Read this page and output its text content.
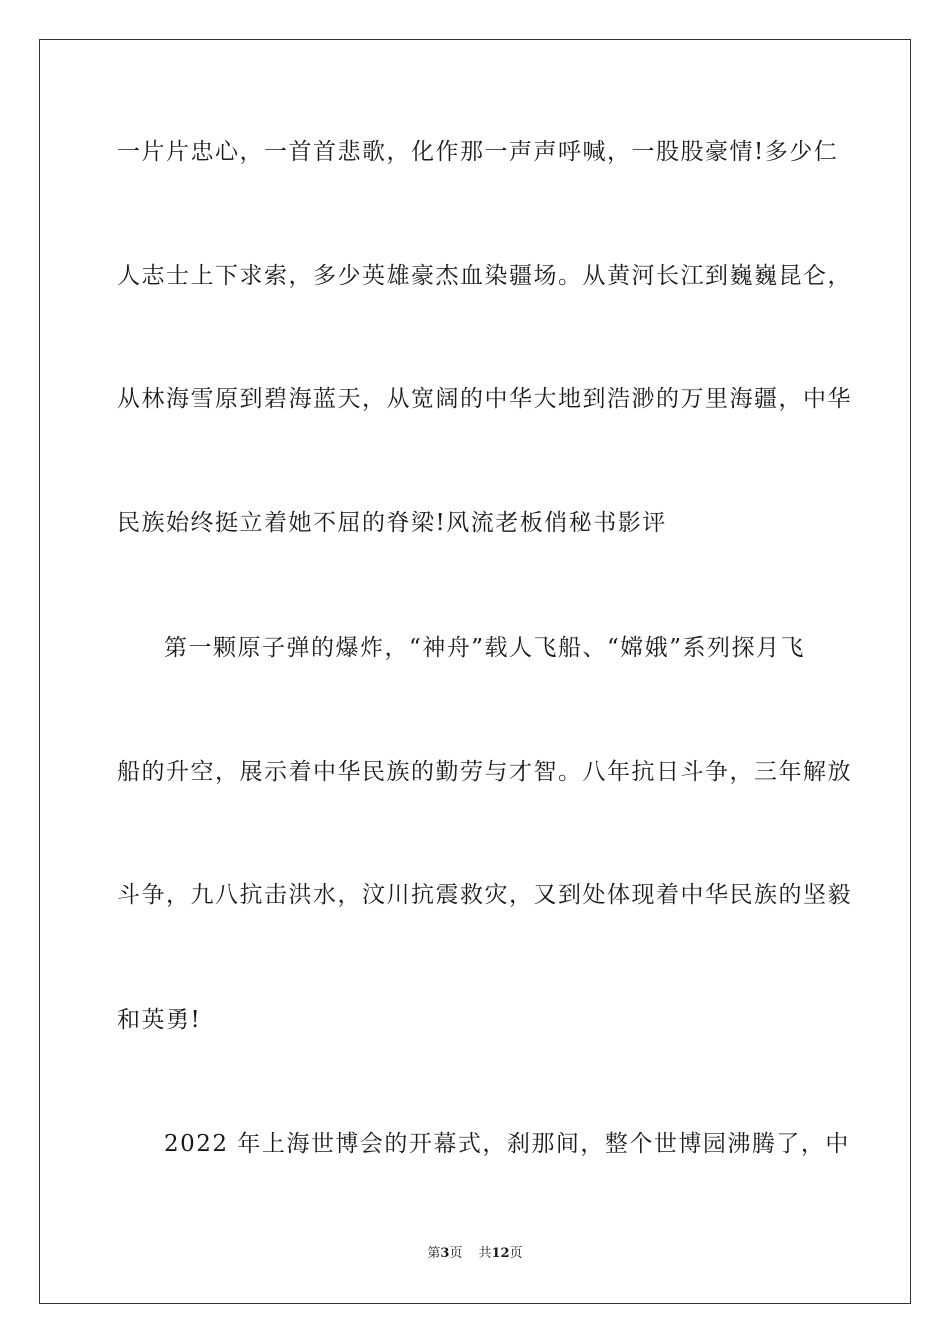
一片片忠心，一首首悲歌，化作那一声声呼喊，一股股豪情!多少仁
人志士上下求索，多少英雄豪杰血染疆场。从黄河长江到巍巍昆仑，
从林海雪原到碧海蓝天，从宽阔的中华大地到浩渺的万里海疆，中华
民族始终挺立着她不屈的脊梁!风流老板俏秘书影评
第一颗原子弹的爆炸，“神舟”载人飞船、“嫦娥”系列探月飞
船的升空，展示着中华民族的勤劳与才智。八年抗日斗争，三年解放
斗争，九八抗击洪水，汶川抗震救灾，又到处体现着中华民族的坚毅
和英勇!
2022 年上海世博会的开幕式，刹那间，整个世博园沸腾了，中
第3页 共12页
